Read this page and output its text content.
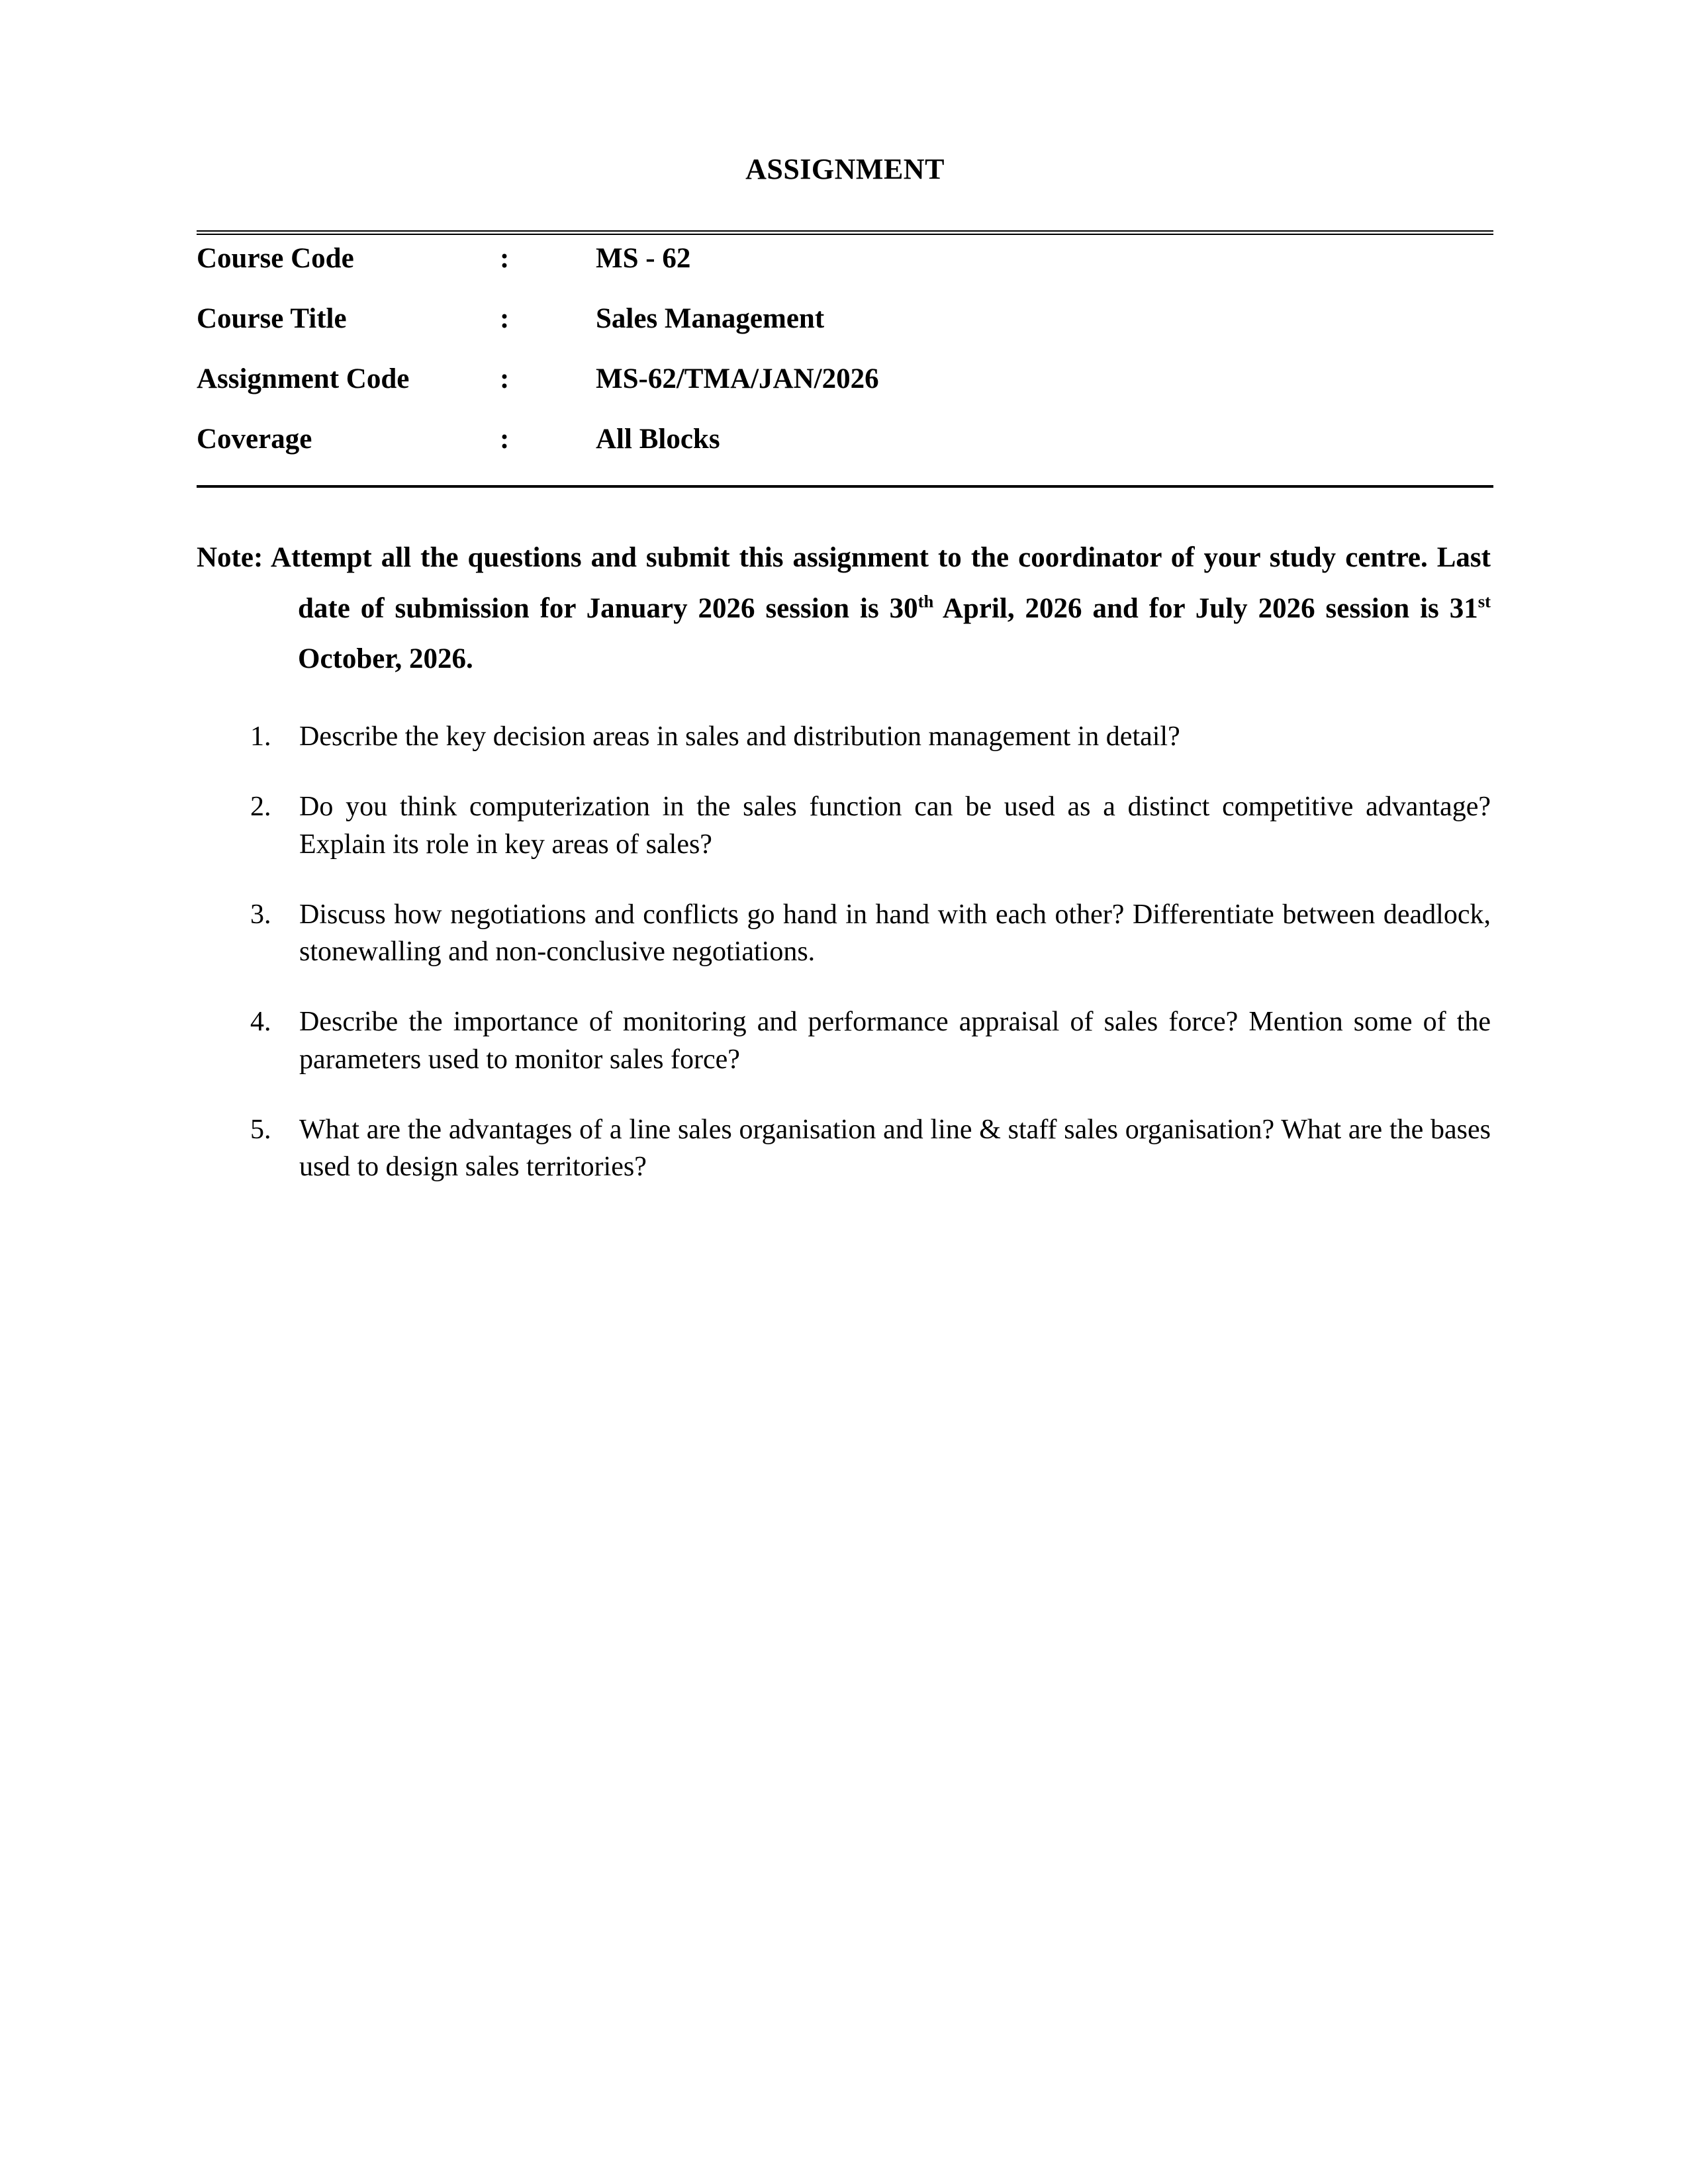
ASSIGNMENT
Course Code	:	MS - 62
Course Title	:	Sales Management
Assignment Code	:	MS-62/TMA/JAN/2026
Coverage	:	All Blocks

Note: Attempt all the questions and submit this assignment to the coordinator of your study centre. Last date of submission for January 2026 session is 30th April, 2026 and for July 2026 session is 31st October, 2026.

1.	Describe the key decision areas in sales and distribution management in detail?
2.	Do you think computerization in the sales function can be used as a distinct competitive advantage? Explain its role in key areas of sales?
3.	Discuss how negotiations and conflicts go hand in hand with each other? Differentiate between deadlock, stonewalling and non-conclusive negotiations.
4.	Describe the importance of monitoring and performance appraisal of sales force? Mention some of the parameters used to monitor sales force?
5.	What are the advantages of a line sales organisation and line & staff sales organisation? What are the bases used to design sales territories?
